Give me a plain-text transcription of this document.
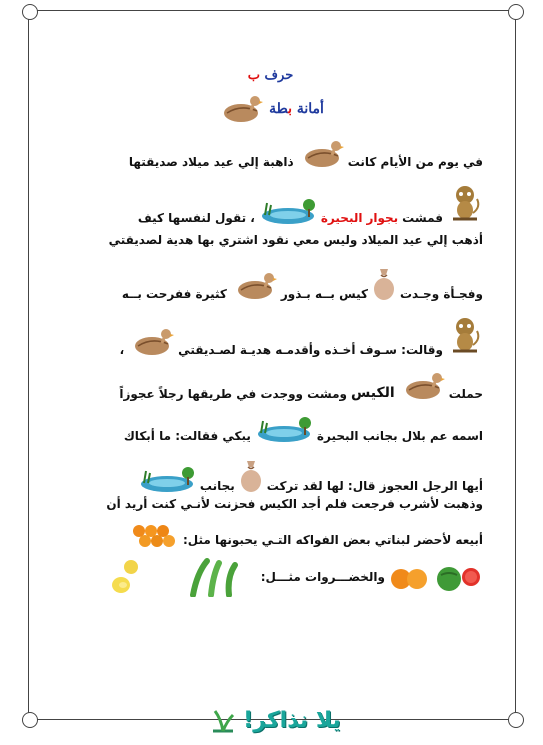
حرف ب
أمانة بطة
في يوم من الأيام كانت
ذاهبة إلي عيد ميلاد صديقتها
فمشت
بجوار
البحيرة
، تقول لنفسها كيف
أذهب إلي عيد الميلاد وليس معي نقود اشتري بها هدية لصديقتي
وفجـأة وجـدت
كيس بــه بـذور
كثيرة ففرحت بــه
وقالت: سـوف أخـذه وأقدمـه هديـة لصـديقتي
،
حملت
الكيس
ومشت ووجدت في طريقها رجلاً عجوزاً
اسمه عم بلال بجانب البحيرة
يبكي فقالت: ما أبكاك
أيها الرجل العجوز قال: لها لقد تركت
بجانب
وذهبت لأشرب فرجعت فلم أجد الكيس فحزنت لأنـي كنت أريد أن
أبيعه لأحضر لبناتي بعض الفواكه التـي يحبونها مثل:
والخضـــروات مثـــل:
يلا نذاكر!
